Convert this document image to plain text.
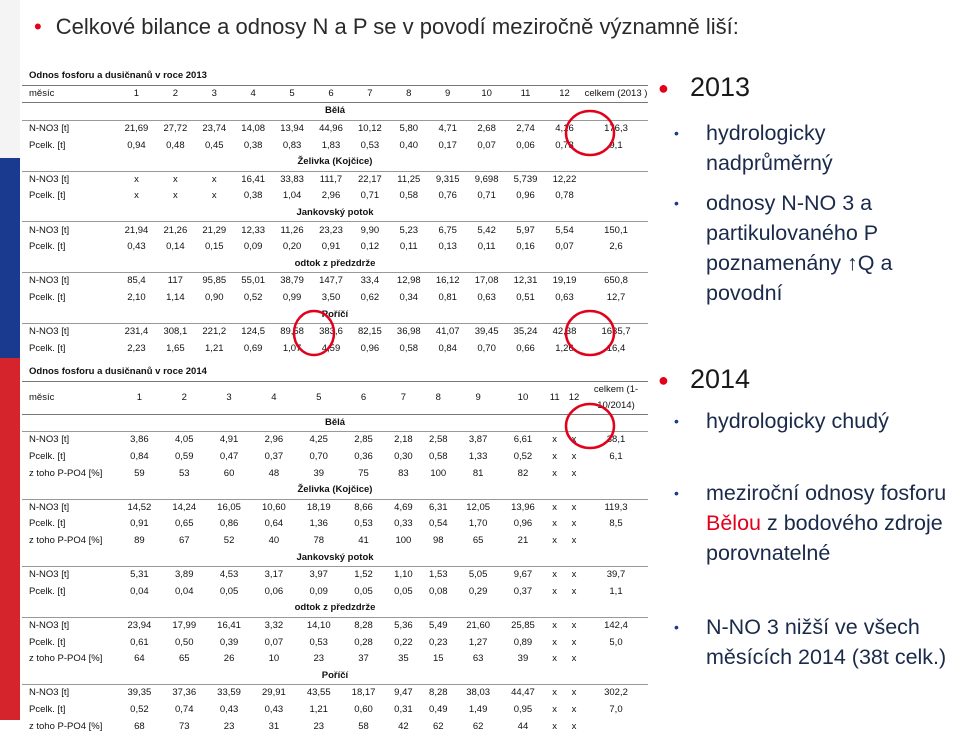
• Celkové bilance a odnosy N a P se v povodí meziročně významně liší:
Odnos fosforu a dusičnanů v roce 2013													
měsíc	1	2	3	4	5	6	7	8	9	10	11	12	celkem (2013 )
Bělá													
N-NO3 [t]	21,69	27,72	23,74	14,08	13,94	44,96	10,12	5,80	4,71	2,68	2,74	4,16	176,3
Pcelk. [t]	0,94	0,48	0,45	0,38	0,83	1,83	0,53	0,40	0,17	0,07	0,06	0,73	9,1
Želivka (Kojčice)													
N-NO3 [t]	x	x	x	16,41	33,83	111,7	22,17	11,25	9,315	9,698	5,739	12,22	
Pcelk. [t]	x	x	x	0,38	1,04	2,96	0,71	0,58	0,76	0,71	0,96	0,78	
Jankovský potok													
N-NO3 [t]	21,94	21,26	21,29	12,33	11,26	23,23	9,90	5,23	6,75	5,42	5,97	5,54	150,1
Pcelk. [t]	0,43	0,14	0,15	0,09	0,20	0,91	0,12	0,11	0,13	0,11	0,16	0,07	2,6
odtok z předzdrže													
N-NO3 [t]	85,4	117	95,85	55,01	38,79	147,7	33,4	12,98	16,12	17,08	12,31	19,19	650,8
Pcelk. [t]	2,10	1,14	0,90	0,52	0,99	3,50	0,62	0,34	0,81	0,63	0,51	0,63	12,7
Poříčí													
N-NO3 [t]	231,4	308,1	221,2	124,5	89,58	383,6	82,15	36,98	41,07	39,45	35,24	42,38	1635,7
Pcelk. [t]	2,23	1,65	1,21	0,69	1,07	4,59	0,96	0,58	0,84	0,70	0,66	1,26	16,4
Odnos fosforu a dusičnanů v roce 2014													
měsíc	1	2	3	4	5	6	7	8	9	10	11	12	celkem (1-10/2014)
Bělá													
N-NO3 [t]	3,86	4,05	4,91	2,96	4,25	2,85	2,18	2,58	3,87	6,61	x	x	38,1
Pcelk. [t]	0,84	0,59	0,47	0,37	0,70	0,36	0,30	0,58	1,33	0,52	x	x	6,1
z toho P-PO4 [%]	59	53	60	48	39	75	83	100	81	82	x	x	
Želivka (Kojčice)													
N-NO3 [t]	14,52	14,24	16,05	10,60	18,19	8,66	4,69	6,31	12,05	13,96	x	x	119,3
Pcelk. [t]	0,91	0,65	0,86	0,64	1,36	0,53	0,33	0,54	1,70	0,96	x	x	8,5
z toho P-PO4 [%]	89	67	52	40	78	41	100	98	65	21	x	x	
Jankovský potok													
N-NO3 [t]	5,31	3,89	4,53	3,17	3,97	1,52	1,10	1,53	5,05	9,67	x	x	39,7
Pcelk. [t]	0,04	0,04	0,05	0,06	0,09	0,05	0,05	0,08	0,29	0,37	x	x	1,1
odtok z předzdrže													
N-NO3 [t]	23,94	17,99	16,41	3,32	14,10	8,28	5,36	5,49	21,60	25,85	x	x	142,4
Pcelk. [t]	0,61	0,50	0,39	0,07	0,53	0,28	0,22	0,23	1,27	0,89	x	x	5,0
z toho P-PO4 [%]	64	65	26	10	23	37	35	15	63	39	x	x	
Poříčí													
N-NO3 [t]	39,35	37,36	33,59	29,91	43,55	18,17	9,47	8,28	38,03	44,47	x	x	302,2
Pcelk. [t]	0,52	0,74	0,43	0,43	1,21	0,60	0,31	0,49	1,49	0,95	x	x	7,0
z toho P-PO4 [%]	68	73	23	31	23	58	42	62	62	44	x	x	
● 2013
• hydrologicky nadprůměrný
• odnosy N-NO 3 a partikulovaného P poznamenány ↑Q a povodní
● 2014
• hydrologicky chudý
• meziroční odnosy fosforu Bělou z bodového zdroje porovnatelné
• N-NO 3 nižší ve všech měsících 2014 (38t celk.)
